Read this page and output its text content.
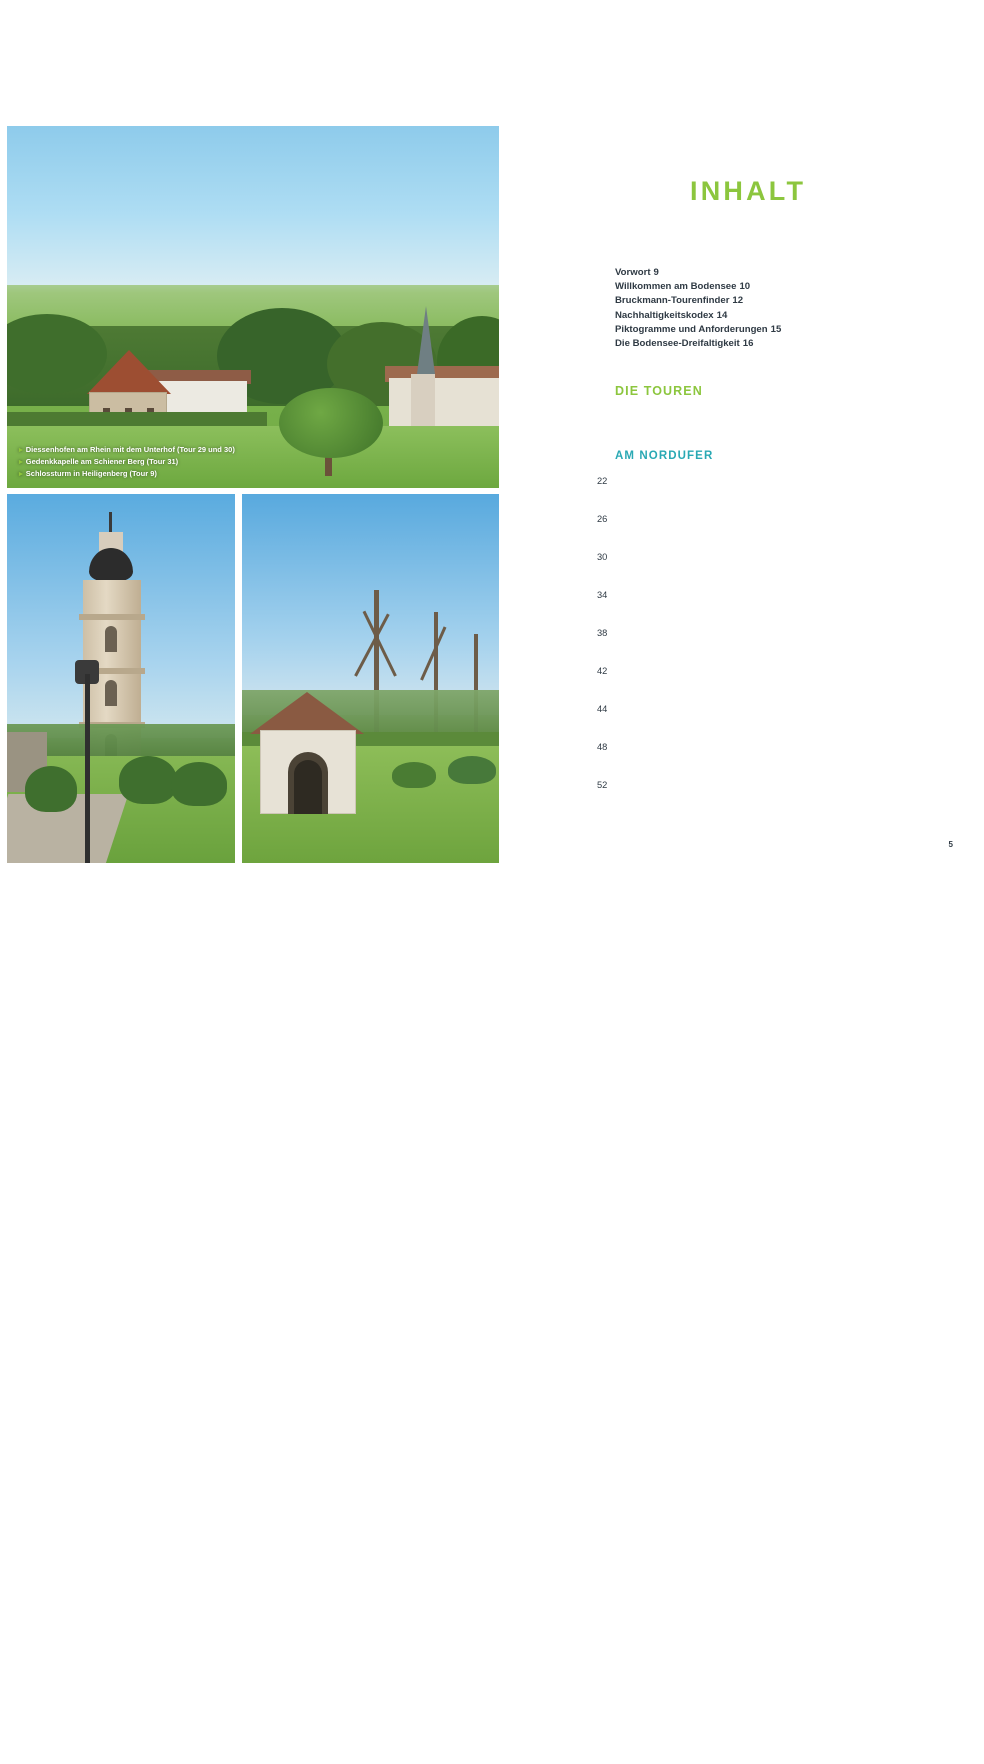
▸ Diessenhofen am Rhein mit dem Unterhof (Tour 29 und 30)
▸ Gedenkkapelle am Schiener Berg (Tour 31)
▸ Schlossturm in Heiligenberg (Tour 9)
INHALT
Vorwort 9
Willkommen am Bodensee 10
Bruckmann-Tourenfinder 12
Nachhaltigkeitskodex 14
Piktogramme und Anforderungen 15
Die Bodensee-Dreifaltigkeit 16
DIE TOUREN
AM NORDUFER
22
26
30
34
38
42
44
48
52
5
